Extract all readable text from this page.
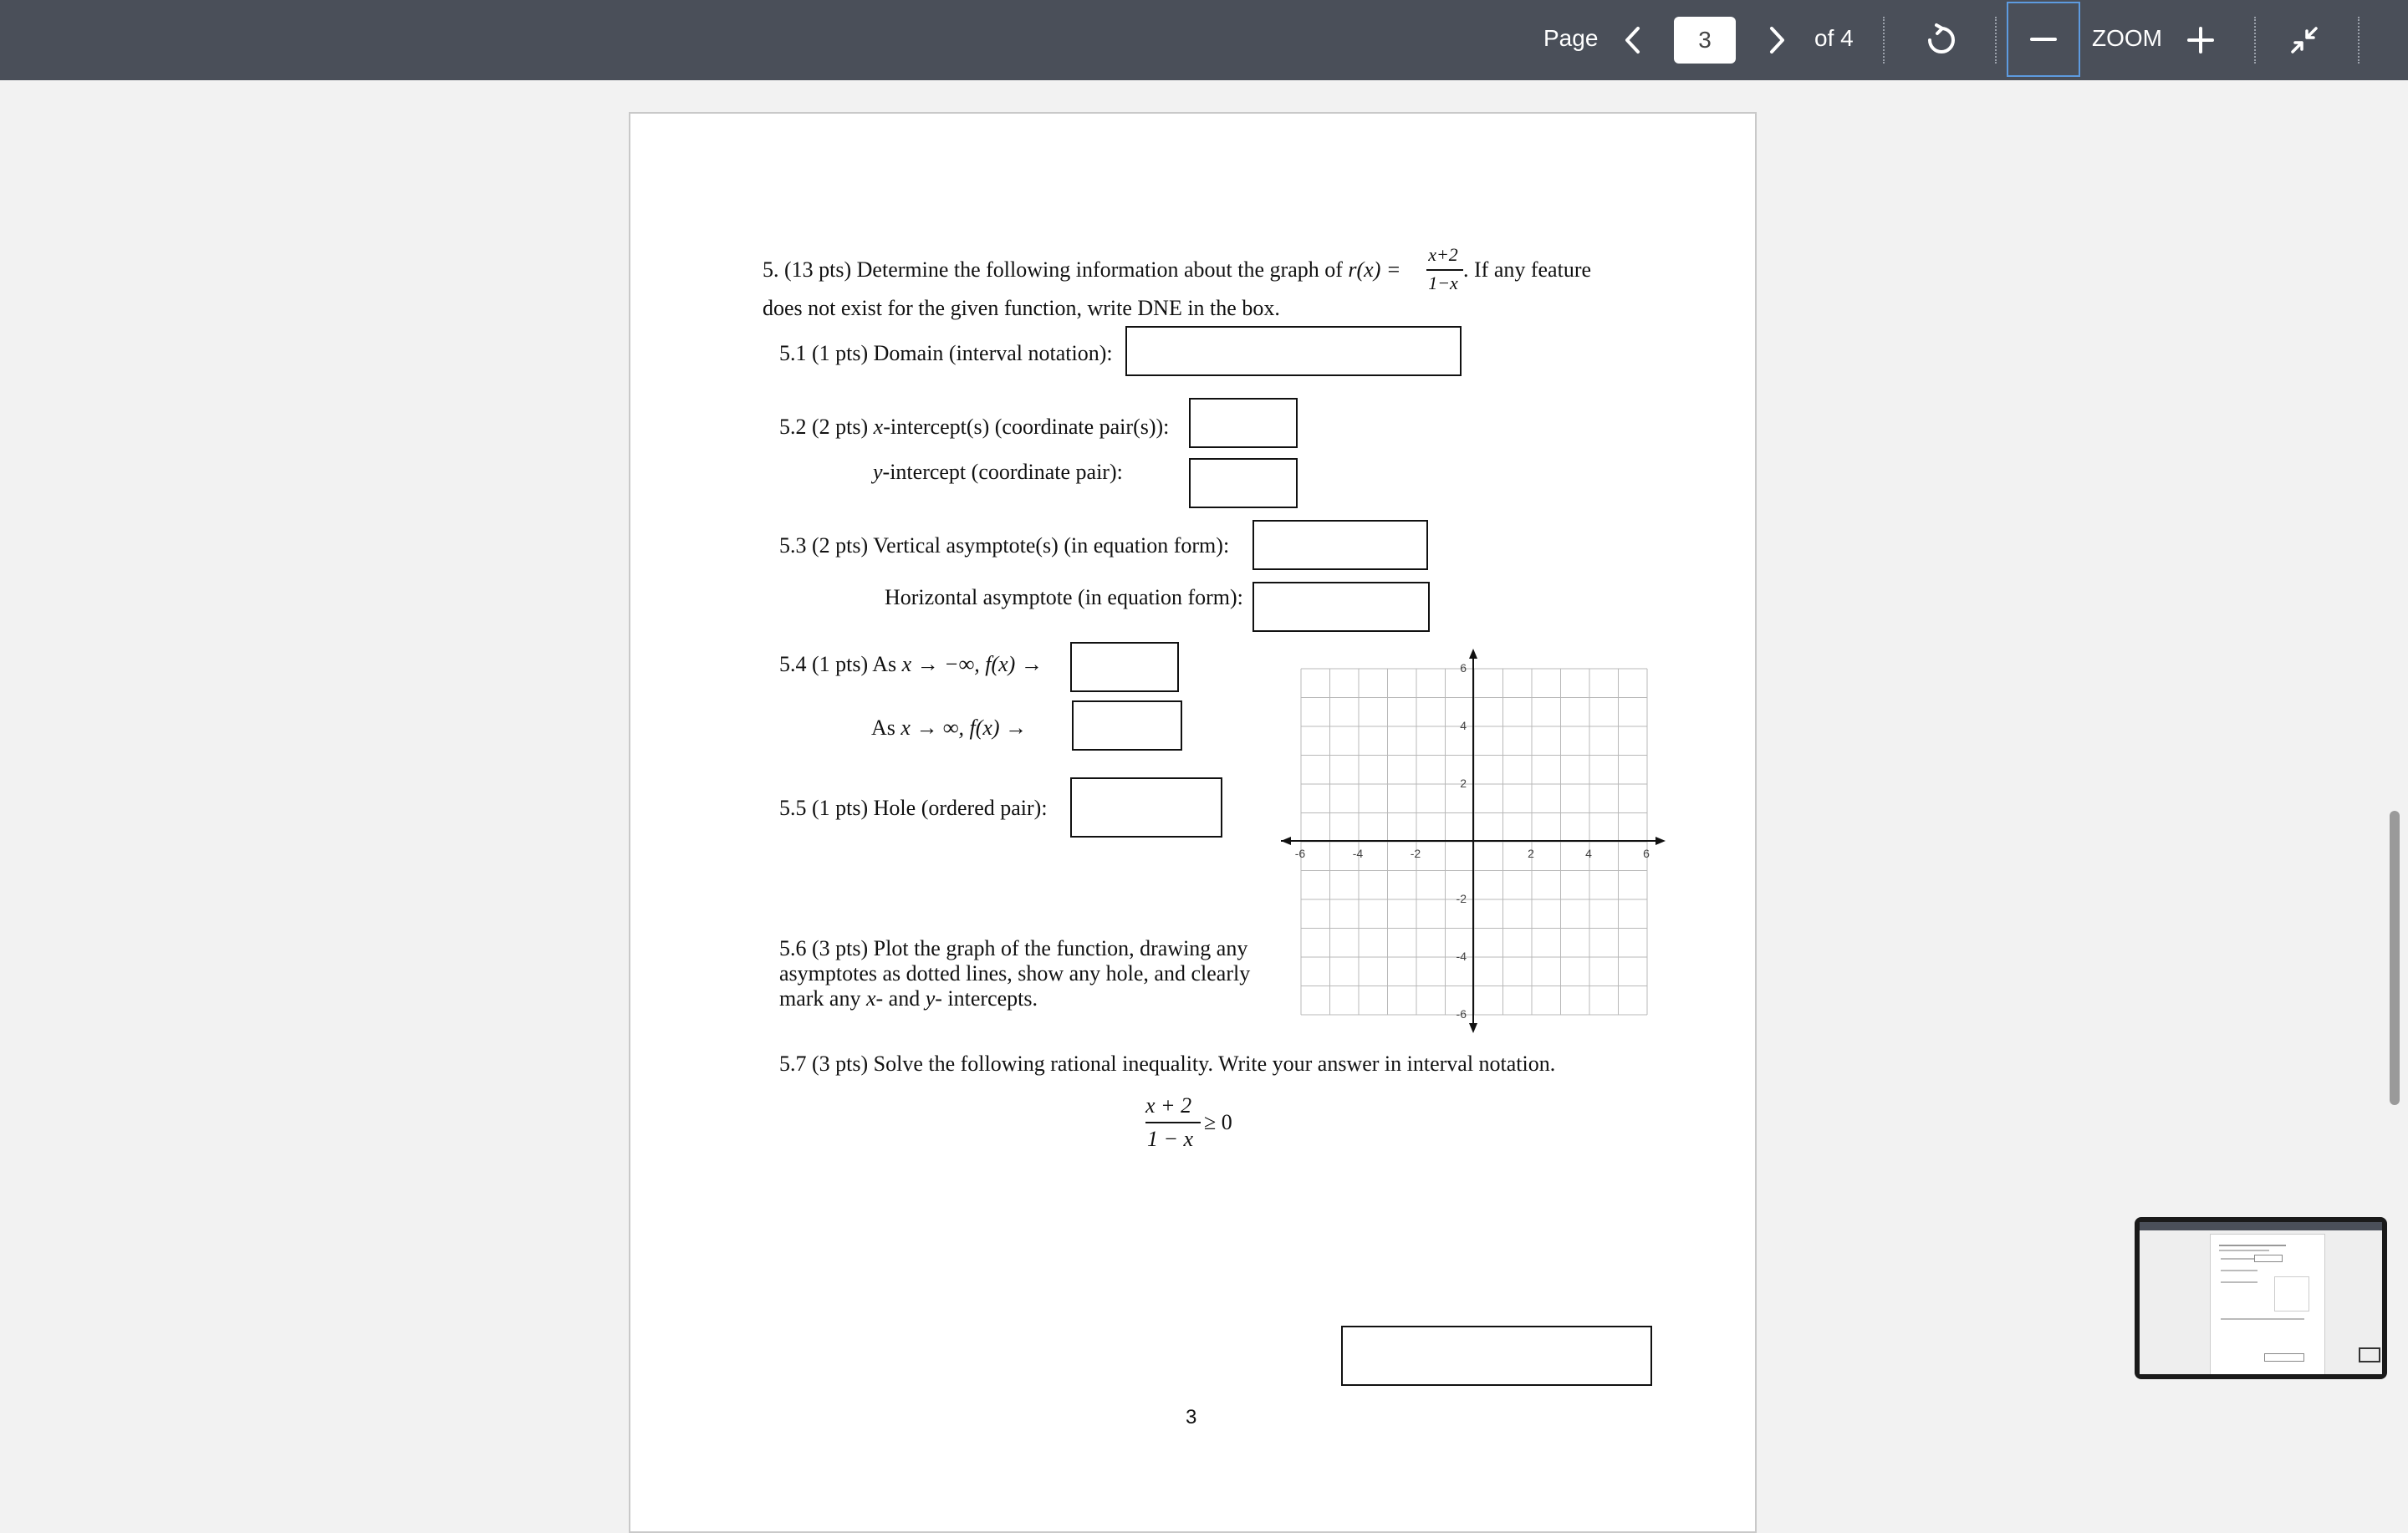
Page
3	of 4	ZOOM
5. (13 pts) Determine the following information about the graph of r(x) =
x+2
1−x
. If any feature
does not exist for the given function, write DNE in the box.
5.1 (1 pts) Domain (interval notation):
5.2 (2 pts) x-intercept(s) (coordinate pair(s)):
y-intercept (coordinate pair):
5.3 (2 pts) Vertical asymptote(s) (in equation form):
Horizontal asymptote (in equation form):
5.4 (1 pts) As x → −∞, f(x) →
As x → ∞, f(x) →
5.5 (1 pts) Hole (ordered pair):
5.6 (3 pts) Plot the graph of the function, drawing any
asymptotes as dotted lines, show any hole, and clearly
mark any x- and y- intercepts.
-6	-4	-2	2	4	6
6
4
2
-2
-4
-6
5.7 (3 pts) Solve the following rational inequality. Write your answer in interval notation.
x + 2
1 − x
≥ 0
3
